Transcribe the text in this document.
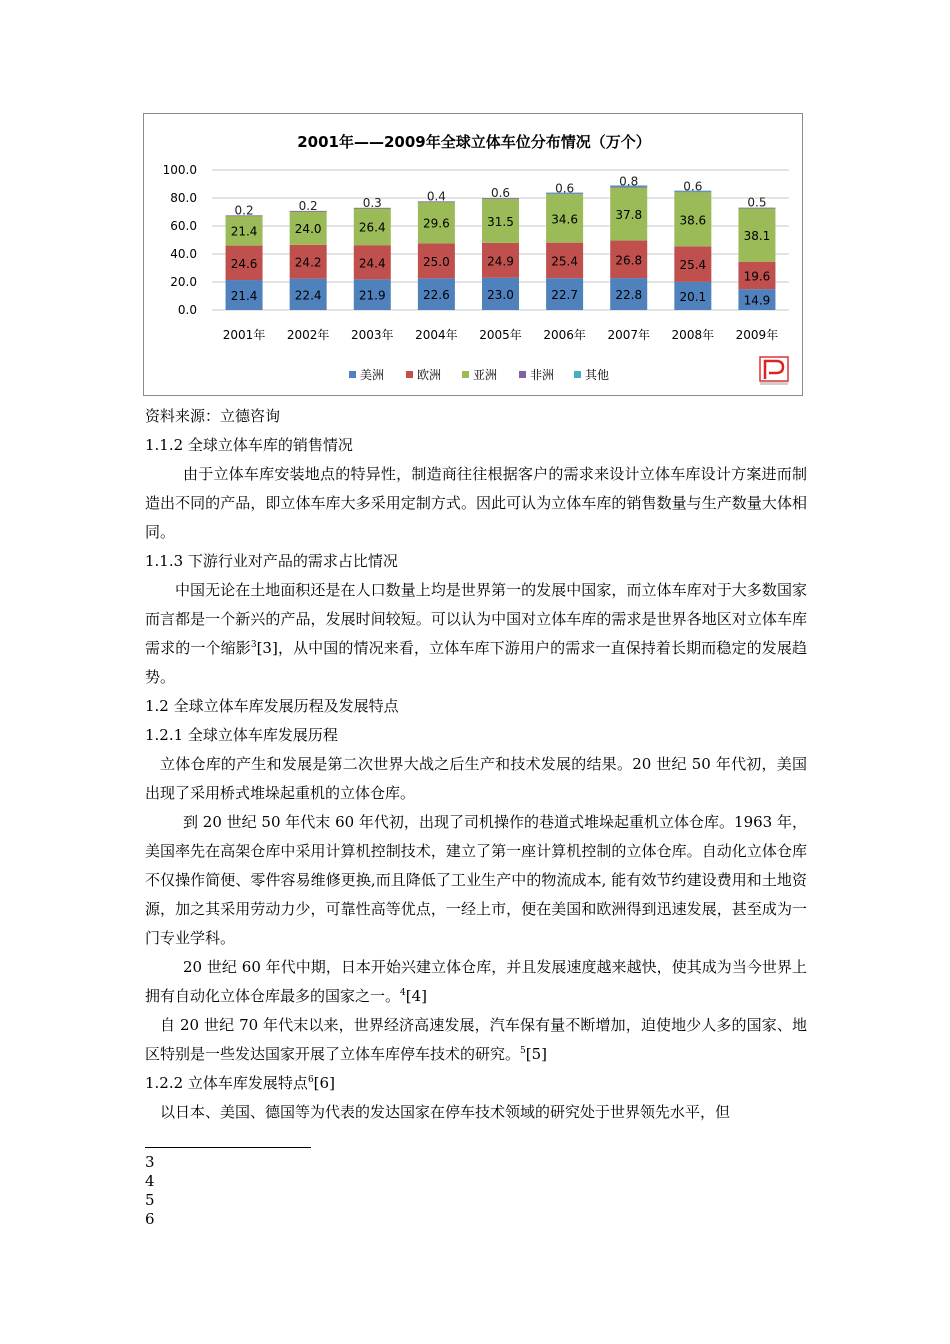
2001年——2009年全球立体车位分布情况（万个）
100.0
80.0
60.0
40.0
20.0
0.0
21.4
24.6
21.4
0.2
2001年
22.4
24.2
24.0
0.2
2002年
21.9
24.4
26.4
0.3
2003年
22.6
25.0
29.6
0.4
2004年
23.0
24.9
31.5
0.6
2005年
22.7
25.4
34.6
0.6
2006年
22.8
26.8
37.8
0.8
2007年
20.1
25.4
38.6
0.6
2008年
14.9
19.6
38.1
0.5
2009年
美洲	欧洲	亚洲	非洲	其他

资料来源：立德咨询

1.1.2 全球立体车库的销售情况

由于立体车库安装地点的特异性，制造商往往根据客户的需求来设计立体车库设计方案进而制造出不同的产品，即立体车库大多采用定制方式。因此可认为立体车库的销售数量与生产数量大体相同。

1.1.3 下游行业对产品的需求占比情况

中国无论在土地面积还是在人口数量上均是世界第一的发展中国家，而立体车库对于大多数国家而言都是一个新兴的产品，发展时间较短。可以认为中国对立体车库的需求是世界各地区对立体车库需求的一个缩影$^3$[3]，从中国的情况来看，立体车库下游用户的需求一直保持着长期而稳定的发展趋势。

1.2 全球立体车库发展历程及发展特点

1.2.1 全球立体车库发展历程

立体仓库的产生和发展是第二次世界大战之后生产和技术发展的结果。20 世纪 50 年代初，美国出现了采用桥式堆垛起重机的立体仓库。

到 20 世纪 50 年代末 60 年代初，出现了司机操作的巷道式堆垛起重机立体仓库。1963 年，美国率先在高架仓库中采用计算机控制技术，建立了第一座计算机控制的立体仓库。自动化立体仓库不仅操作简便、零件容易维修更换,而且降低了工业生产中的物流成本, 能有效节约建设费用和土地资源，加之其采用劳动力少，可靠性高等优点，一经上市，便在美国和欧洲得到迅速发展，甚至成为一门专业学科。

20 世纪 60 年代中期，日本开始兴建立体仓库，并且发展速度越来越快，使其成为当今世界上拥有自动化立体仓库最多的国家之一。$^4$[4]

自 20 世纪 70 年代末以来，世界经济高速发展，汽车保有量不断增加，迫使地少人多的国家、地区特别是一些发达国家开展了立体车库停车技术的研究。$^5$[5]

1.2.2 立体车库发展特点$^6$[6]

以日本、美国、德国等为代表的发达国家在停车技术领域的研究处于世界领先水平，但

3
4
5
6
